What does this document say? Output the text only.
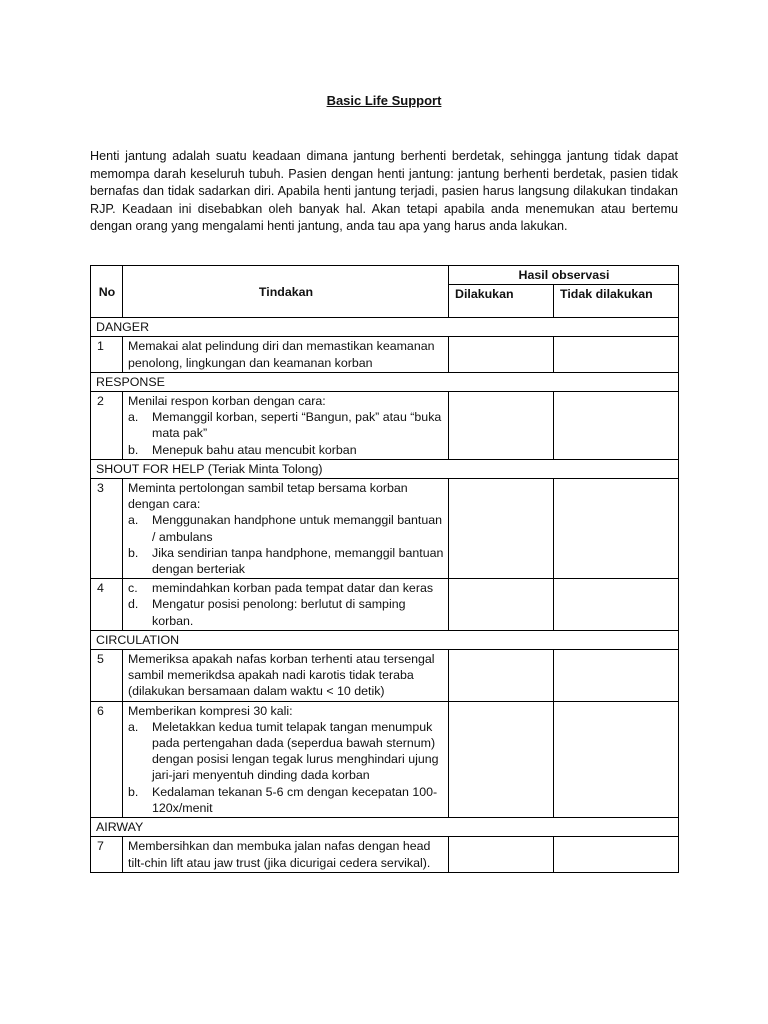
Basic Life Support
Henti jantung adalah suatu keadaan dimana jantung berhenti berdetak, sehingga jantung tidak dapat memompa darah keseluruh tubuh. Pasien dengan henti jantung: jantung berhenti berdetak, pasien tidak bernafas dan tidak sadarkan diri. Apabila henti jantung terjadi, pasien harus langsung dilakukan tindakan RJP. Keadaan ini disebabkan oleh banyak hal. Akan tetapi apabila anda menemukan atau bertemu dengan orang yang mengalami henti jantung, anda tau apa yang harus anda lakukan.
No	Tindakan	Hasil observasi	
		Dilakukan	Tidak dilakukan
DANGER			
1	Memakai alat pelindung diri dan memastikan keamanan penolong, lingkungan dan keamanan korban		
RESPONSE			
2	Menilai respon korban dengan cara:
a. Memanggil korban, seperti “Bangun, pak” atau “buka mata pak”
b. Menepuk bahu atau mencubit korban		

SHOUT FOR HELP (Teriak Minta Tolong)			
3	Meminta pertolongan sambil tetap bersama korban dengan cara:
a. Menggunakan handphone untuk memanggil bantuan / ambulans
b. Jika sendirian tanpa handphone, memanggil bantuan dengan berteriak		

4	c. memindahkan korban pada tempat datar dan keras
d. Mengatur posisi penolong: berlutut di samping korban.		

CIRCULATION			
5	Memeriksa apakah nafas korban terhenti atau tersengal sambil memerikdsa apakah nadi karotis tidak teraba (dilakukan bersamaan dalam waktu < 10 detik)		
6	Memberikan kompresi 30 kali:
a. Meletakkan kedua tumit telapak tangan menumpuk pada pertengahan dada (seperdua bawah sternum) dengan posisi lengan tegak lurus menghindari ujung jari-jari menyentuh dinding dada korban
b. Kedalaman tekanan 5-6 cm dengan kecepatan 100-120x/menit		

AIRWAY			
7	Membersihkan dan membuka jalan nafas dengan head tilt-chin lift atau jaw trust (jika dicurigai cedera servikal).		
